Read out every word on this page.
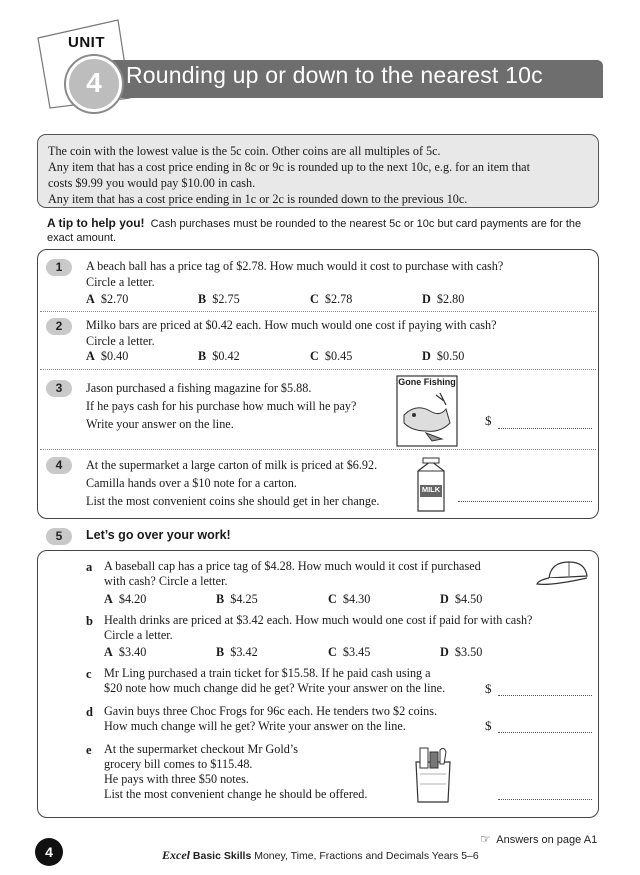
UNIT
Rounding up or down to the nearest 10c
4

The coin with the lowest value is the 5c coin. Other coins are all multiples of 5c.

Any item that has a cost price ending in 8c or 9c is rounded up to the next 10c, e.g. for an item that

costs $9.99 you would pay $10.00 in cash.

Any item that has a cost price ending in 1c or 2c is rounded down to the previous 10c.

A tip to help you! Cash purchases must be rounded to the nearest 5c or 10c but card payments are for the exact amount.
1	A beach ball has a price tag of $2.78. How much would it cost to purchase with cash?
Circle a letter.
A $2.70	B $2.75	C $2.78	D $2.80
2	Milko bars are priced at $0.42 each. How much would one cost if paying with cash?
Circle a letter.
A $0.40	B $0.42	C $0.45	D $0.50
3	Jason purchased a fishing magazine for $5.88.
If he pays cash for his purchase how much will he pay?
Write your answer on the line.
Gone Fishing
$
4	At the supermarket a large carton of milk is priced at $6.92.
Camilla hands over a $10 note for a carton.
List the most convenient coins she should get in her change.
MILK
5	Let’s go over your work!
a A baseball cap has a price tag of $4.28. How much would it cost if purchased
with cash? Circle a letter.
A $4.20	B $4.25	C $4.30	D $4.50
b Health drinks are priced at $3.42 each. How much would one cost if paid for with cash?
Circle a letter.
A $3.40	B $3.42	C $3.45	D $3.50
c Mr Ling purchased a train ticket for $15.58. If he paid cash using a
$20 note how much change did he get? Write your answer on the line.	$
d Gavin buys three Choc Frogs for 96c each. He tenders two $2 coins.
How much change will he get? Write your answer on the line.	$
e At the supermarket checkout Mr Gold’s
grocery bill comes to $115.48.
He pays with three $50 notes.
List the most convenient change he should be offered.
4
☞ Answers on page A1
Excel Basic Skills Money, Time, Fractions and Decimals Years 5–6
